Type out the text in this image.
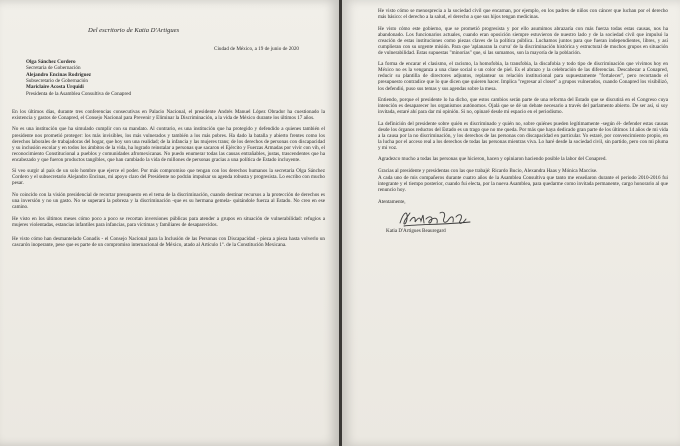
Del escritorio de Katia D'Artigues
Ciudad de México, a 19 de junio de 2020
Olga Sánchez Cordero
Secretaria de Gobernación
Alejandro Encinas Rodríguez
Subsecretario de Gobernación
Mariclaire Acosta Urquidi
Presidenta de la Asamblea Consultiva de Conapred

En los últimos días, durante tres conferencias consecutivas en Palacio Nacional, el presidente Andrés Manuel López Obrador ha cuestionado la existencia y gastos de Conapred, el Consejo Nacional para Prevenir y Eliminar la Discriminación, a la vida de México durante los últimos 17 años.

No es una institución que ha simulado cumplir con su mandato. Al contrario, es una institución que ha protegido y defendido a quienes también el presidente nos prometió proteger: los más invisibles, los más vulnerados y también a los más pobres. Ha dado la batalla y abierto frentes como los derechos laborales de trabajadoras del hogar, que hoy son una realidad; de la infancia y las mujeres trans; de los derechos de personas con discapacidad y su inclusión escolar y en todos los ámbitos de la vida, ha logrado reinstalar a personas que sacaron el Ejército y Fuerzas Armadas por vivir con vih, el reconocimiento Constitucional a pueblos y comunidades afromexicanas. No puedo enumerar todas las causas entrañables, justas, trascendentes que ha encabezado y que fueron productos tangibles, que han cambiado la vida de millones de personas gracias a una política de Estado incluyente.

Si veo surgir al país de un solo hombre que ejerce el poder. Por más compromiso que tengan con los derechos humanos la secretaria Olga Sánchez Cordero y el subsecretario Alejandro Encinas, mi apoyo claro del Presidente no podrán impulsar su agenda robusta y progresista. Lo escribo con mucho pesar.

No coincido con la visión presidencial de recortar presupuesto en el tema de la discriminación, cuando destinar recursos a la protección de derechos es una inversión y no un gasto. No se superará la pobreza y la discriminación -que es su hermana gemela- quitándole fuerza al Estado. No creo en ese camino.

He visto en los últimos meses cómo poco a poco se recortan inversiones públicas para atender a grupos en situación de vulnerabilidad: refugios a mujeres violentadas, estancias infantiles para infancias, para víctimas y familiares de desaparecidos.

He visto cómo han desmantelado Conadis - el Consejo Nacional para la Inclusión de las Personas con Discapacidad - pieza a pieza hasta volverlo un cascarón inoperante, pese que es parte de un compromiso internacional de México, atado al Artículo 1º. de la Constitución Mexicana.

He visto cómo se menosprecia a la sociedad civil que encarnan, por ejemplo, en los padres de niños con cáncer que luchan por el derecho más básico: el derecho a la salud, el derecho a que sus hijos tengan medicinas.

He visto cómo este gobierno, que se prometió progresista y por ello asumimos abrazaría con más fuerza todas estas causas, nos ha abandonado. Los funcionarios actuales, cuando eran oposición siempre estuvieron de nuestro lado y de la sociedad civil que impulsó la creación de estas instituciones como piezas claves de la política pública. Luchamos juntos para que fueran independientes, libres, y así cumplieran con su urgente misión. Para que 'aplanaran la curva' de la discriminación histórica y estructural de muchos grupos en situación de vulnerabilidad. Estas supuestas "minorías" que, si las sumamos, son la mayoría de la población.

La forma de encarar el clasismo, el racismo, la homofobia, la transfobia, la discafobia y todo tipo de discriminación que vivimos hoy en México no es la venganza a una clase social o un color de piel. Es el abrazo y la celebración de las diferencias. Descabezar a Conapred, reducir su plantilla de directores adjuntos, replantear su relación institucional para supuestamente "fortalecer", pero recortando el presupuesto contradice que lo que dicen que quieren hacer. Implica "regresar al closet" a grupos vulnerados, cuando Conapred los visibilizó, los defendió, puso sus temas y sus agendas sobre la mesa.

Entiendo, porque el presidente lo ha dicho, que estos cambios serán parte de una reforma del Estado que se discutirá en el Congreso cuya intención es desaparecer los organismos autónomos. Ojalá que se dé un debate necesario a través del parlamento abierto. De ser así, si soy invitada, estaré ahí para dar mi opinión. Si no, opinaré desde mi espacio en el periodismo.

La definición del presidente sobre quién es discriminado y quién no, sobre quiénes pueden legítimamente -según él- defender estas causas desde los órganos reductos del Estado es un trago que no me queda. Por más que haya dedicado gran parte de los últimos 14 años de mi vida a la causa por la no discriminación, y los derechos de las personas con discapacidad en particular. Yo estaré, por convencimiento propio, en la lucha por el acceso real a los derechos de todas las personas mientras viva. Lo haré desde la sociedad civil, sin partido, pero con mi pluma y mi voz.

Agradezco mucho a todas las personas que hicieron, hacen y opiniaron haciendo posible la labor del Conapred.

Gracias al presidente y presidentas con las que trabajé: Ricardo Bucio, Alexandra Haas y Mónica Maccise.

A cada uno de mis compañeros durante cuatro años de la Asamblea Consultiva que tanto me enseñaron durante el periodo 2010-2016 fui integrante y el tiempo posterior, cuando fui electa, por la nueva Asamblea, para quedarme como invitada permanente, cargo honorario al que renuncio hoy.

Atentamente,
Katia D'Artigues Beauregard
